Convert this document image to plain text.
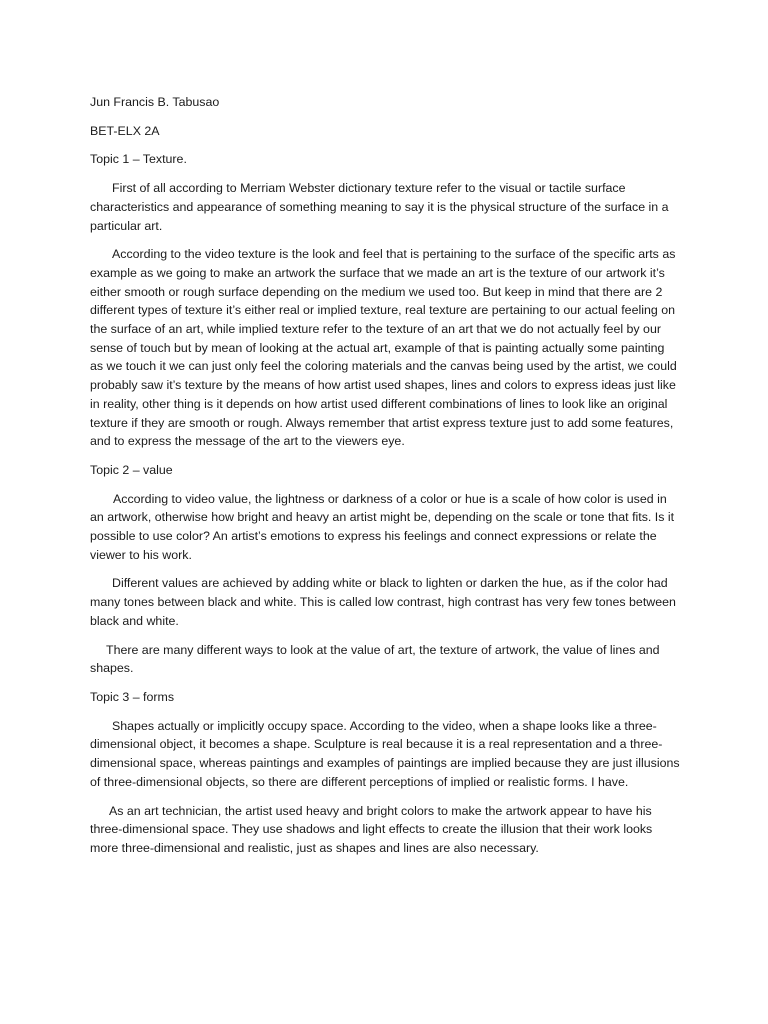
Jun Francis B. Tabusao

BET-ELX 2A

Topic 1 – Texture.

First of all according to Merriam Webster dictionary texture refer to the visual or tactile surface characteristics and appearance of something meaning to say it is the physical structure of the surface in a particular art.

According to the video texture is the look and feel that is pertaining to the surface of the specific arts as example as we going to make an artwork the surface that we made an art is the texture of our artwork it’s either smooth or rough surface depending on the medium we used too. But keep in mind that there are 2 different types of texture it’s either real or implied texture, real texture are pertaining to our actual feeling on the surface of an art, while implied texture refer to the texture of an art that we do not actually feel by our sense of touch but by mean of looking at the actual art, example of that is painting actually some painting as we touch it we can just only feel the coloring materials and the canvas being used by the artist, we could probably saw it’s texture by the means of how artist used shapes, lines and colors to express ideas just like in reality, other thing is it depends on how artist used different combinations of lines to look like an original texture if they are smooth or rough. Always remember that artist express texture just to add some features, and to express the message of the art to the viewers eye.

Topic 2 – value

According to video value, the lightness or darkness of a color or hue is a scale of how color is used in an artwork, otherwise how bright and heavy an artist might be, depending on the scale or tone that fits. Is it possible to use color? An artist’s emotions to express his feelings and connect expressions or relate the viewer to his work.

Different values are achieved by adding white or black to lighten or darken the hue, as if the color had many tones between black and white. This is called low contrast, high contrast has very few tones between black and white.

There are many different ways to look at the value of art, the texture of artwork, the value of lines and shapes.

Topic 3 – forms

Shapes actually or implicitly occupy space. According to the video, when a shape looks like a three-dimensional object, it becomes a shape. Sculpture is real because it is a real representation and a three-dimensional space, whereas paintings and examples of paintings are implied because they are just illusions of three-dimensional objects, so there are different perceptions of implied or realistic forms. I have.

As an art technician, the artist used heavy and bright colors to make the artwork appear to have his three-dimensional space. They use shadows and light effects to create the illusion that their work looks more three-dimensional and realistic, just as shapes and lines are also necessary.
